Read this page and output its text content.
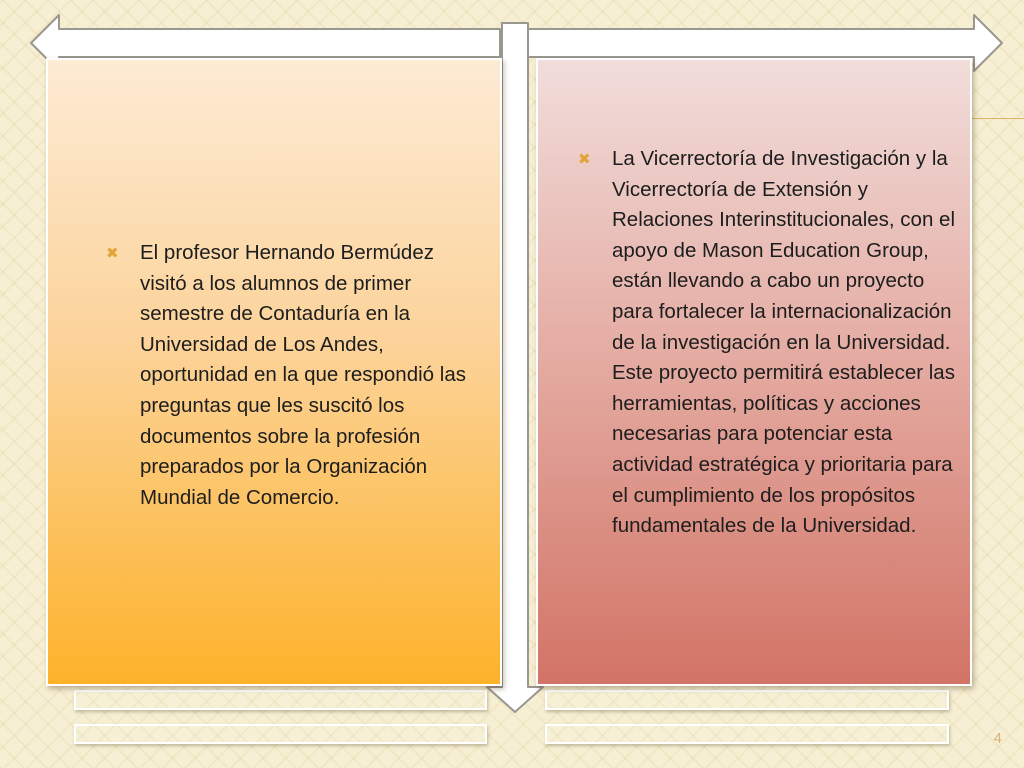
✖	El profesor Hernando Bermúdez visitó a los alumnos de primer semestre de Contaduría en la Universidad de Los Andes, oportunidad en la que respondió las preguntas que les suscitó los documentos sobre la profesión preparados por la Organización Mundial de Comercio.
✖	La Vicerrectoría de Investigación y la Vicerrectoría de Extensión y Relaciones Interinstitucionales, con el apoyo de Mason Education Group, están llevando a cabo un proyecto para fortalecer la internacionalización de la investigación en la Universidad. Este proyecto permitirá establecer las herramientas, políticas y acciones necesarias para potenciar esta actividad estratégica y prioritaria para el cumplimiento de los propósitos fundamentales de la Universidad.
4
